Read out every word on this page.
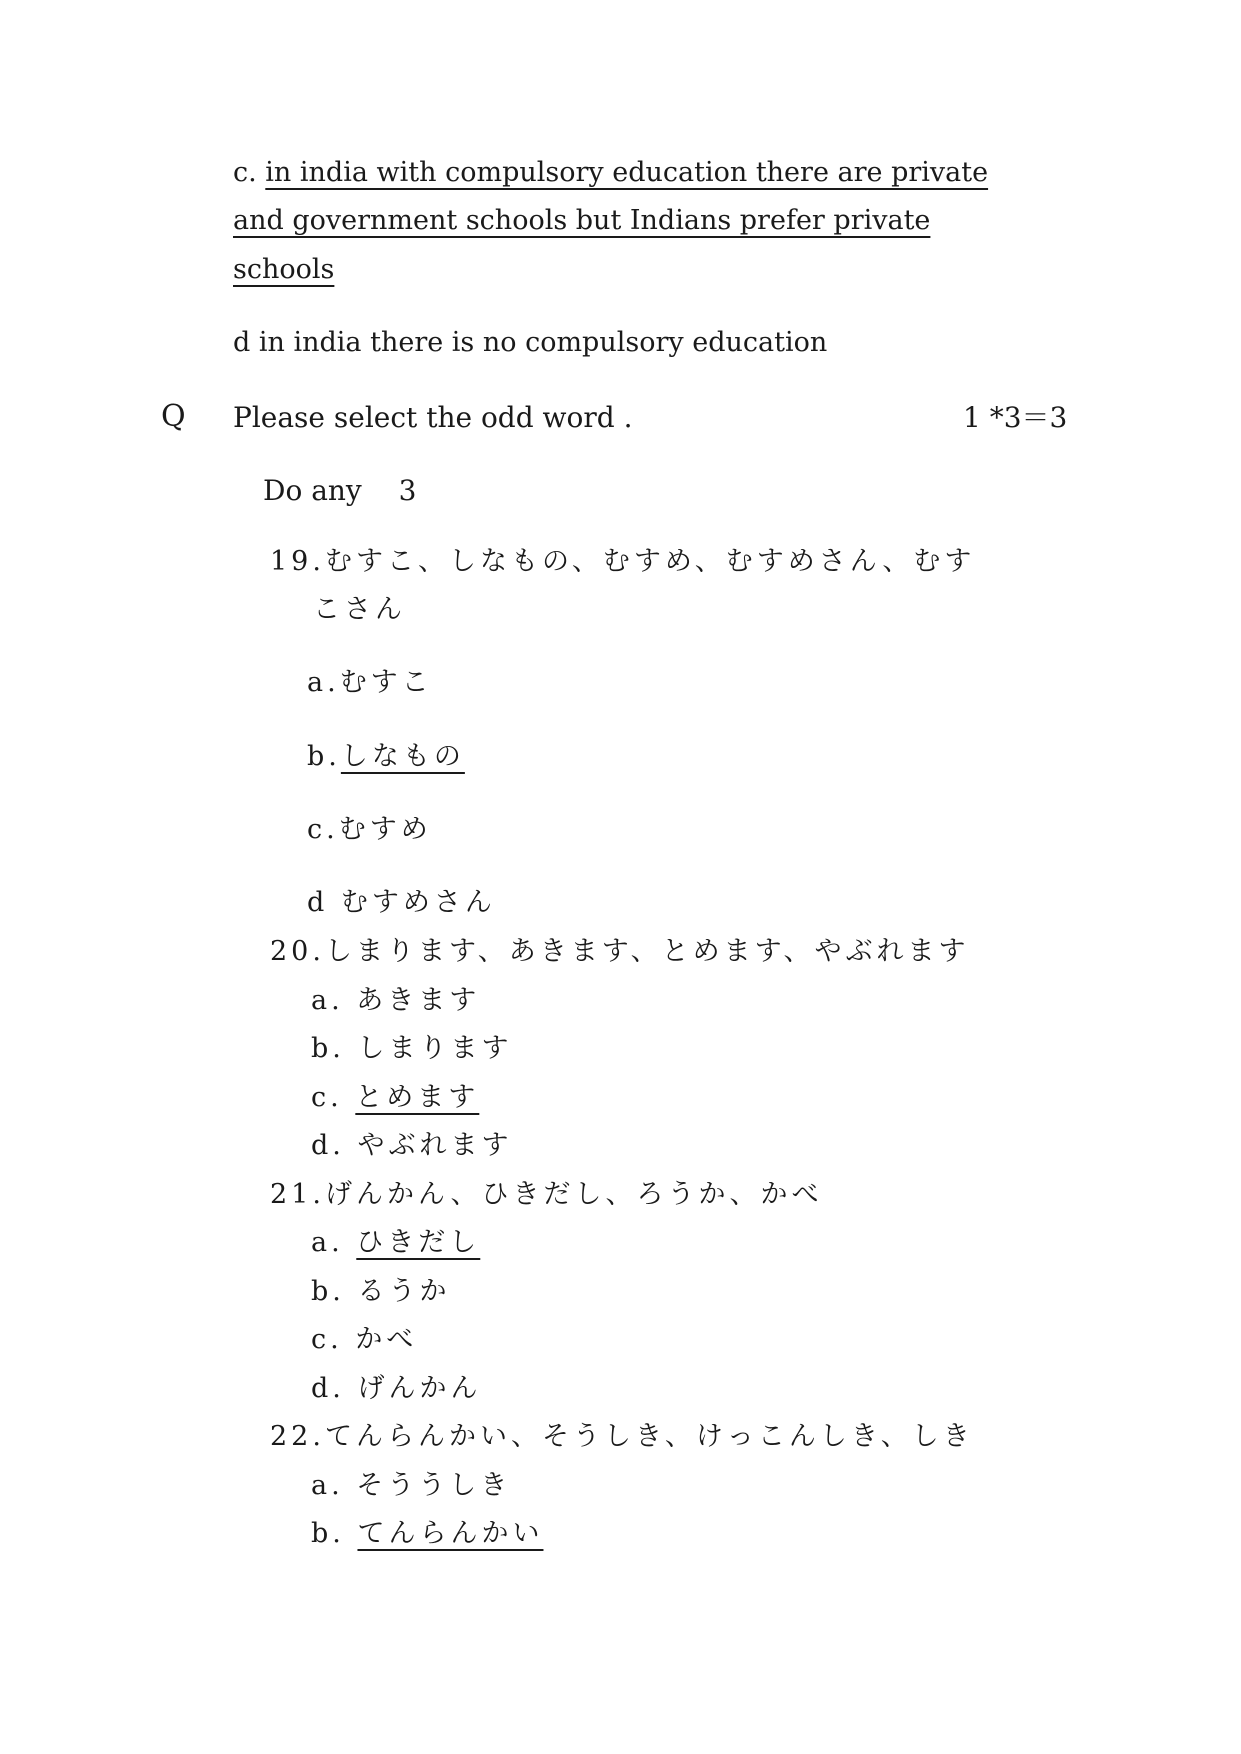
c. in india with compulsory education there are private
and government schools but Indians prefer private
schools
d in india there is no compulsory education
Q Please select the odd word .	1 *3＝3
Do any 　3
19.むすこ、しなもの、むすめ、むすめさん、むす
こさん
a.むすこ
b.しなもの
c.むすめ
d むすめさん
20.しまります、あきます、とめます、やぶれます
a. あきます
b. しまります
c. とめます
d. やぶれます
21.げんかん、ひきだし、ろうか、かべ
a. ひきだし
b. るうか
c. かべ
d. げんかん
22.てんらんかい、そうしき、けっこんしき、しき
a. そううしき
b. てんらんかい
